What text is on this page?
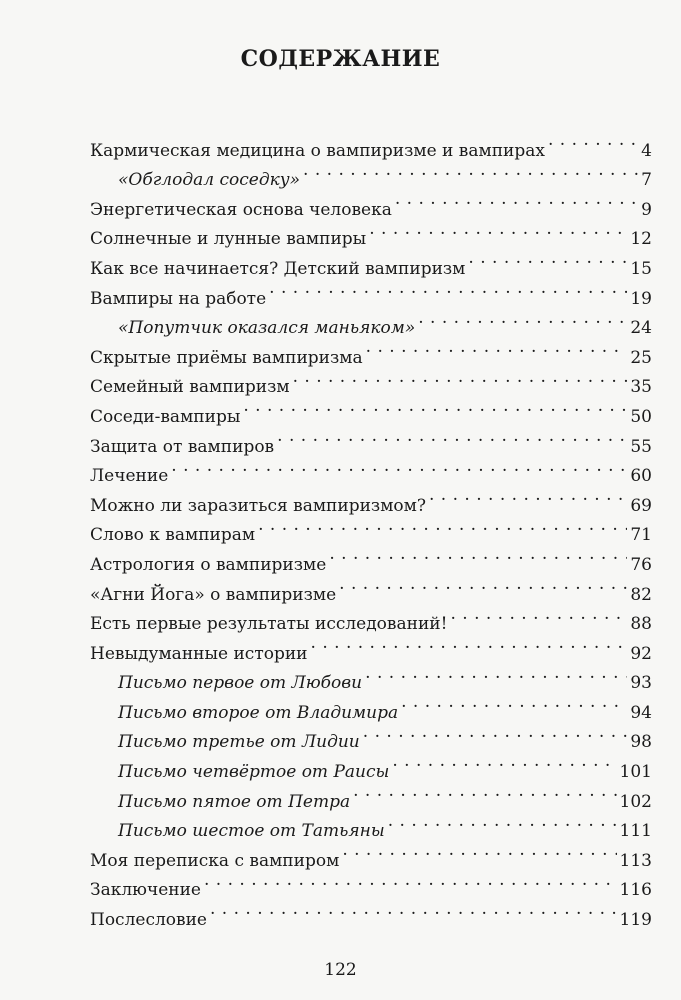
СОДЕРЖАНИЕ
Кармическая медицина о вампиризме и вампирах . . .	4
«Обглодал соседку» . . .	7
Энергетическая основа человека . . .	9
Солнечные и лунные вампиры . . .	12
Как все начинается? Детский вампиризм . . .	15
Вампиры на работе . . .	19
«Попутчик оказался маньяком» . . .	24
Скрытые приёмы вампиризма . . .	25
Семейный вампиризм . . .	35
Соседи-вампиры . . .	50
Защита от вампиров . . .	55
Лечение . . .	60
Можно ли заразиться вампиризмом? . . .	69
Слово к вампирам . . .	71
Астрология о вампиризме . . .	76
«Агни Йога» о вампиризме . . .	82
Есть первые результаты исследований! . . .	88
Невыдуманные истории . . .	92
Письмо первое от Любови . . .	93
Письмо второе от Владимира . . .	94
Письмо третье от Лидии . . .	98
Письмо четвёртое от Раисы . . .	101
Письмо пятое от Петра . . .	102
Письмо шестое от Татьяны . . .	111
Моя переписка с вампиром . . .	113
Заключение . . .	116
Послесловие . . .	119
122
